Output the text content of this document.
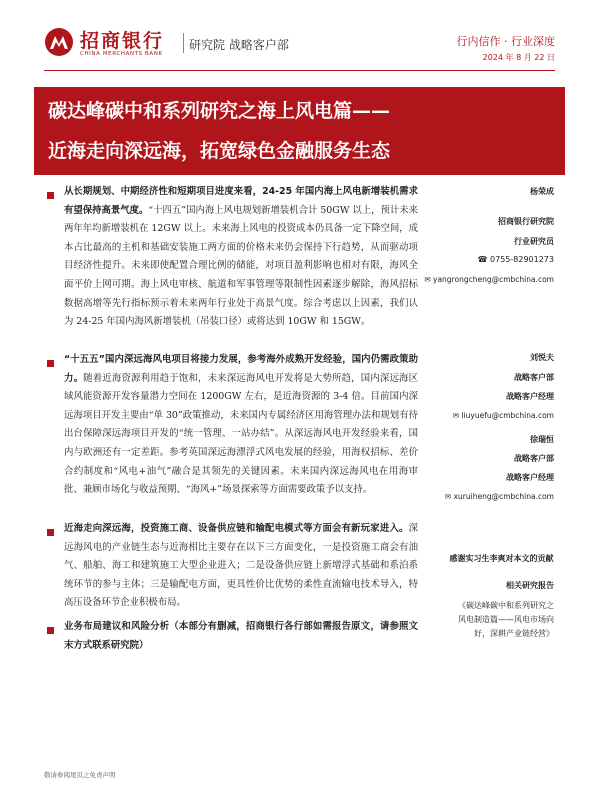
招商银行
CHINA MERCHANTS BANK
研究院 战略客户部	行内信作 · 行业深度
2024 年 8 月 22 日
碳达峰碳中和系列研究之海上风电篇——
近海走向深远海，拓宽绿色金融服务生态
从长期规划、中期经济性和短期项目进度来看，24-25 年国内海上风电新增装机需求有望保持高景气度。“十四五”国内海上风电规划新增装机合计 50GW 以上，预计未来两年年均新增装机在 12GW 以上。未来海上风电的投资成本仍具备一定下降空间，成本占比最高的主机和基础安装施工两方面的价格未来仍会保持下行趋势，从而驱动项目经济性提升。未来即使配置合理比例的储能，对项目盈利影响也相对有限，海风全面平价上网可期。海上风电审核、航道和军事管理等限制性因素逐步解除，海风招标数据高增等先行指标预示着未来两年行业处于高景气度。综合考虑以上因素，我们认为 24-25 年国内海风新增装机（吊装口径）或将达到 10GW 和 15GW。
“十五五”国内深远海风电项目将接力发展，参考海外成熟开发经验，国内仍需政策助力。随着近海资源利用趋于饱和，未来深远海风电开发将是大势所趋，国内深远海区域风能资源开发容量潜力空间在 1200GW 左右，是近海资源的 3-4 倍。目前国内深远海项目开发主要由“单 30”政策推动，未来国内专属经济区用海管理办法和规划有待出台保障深远海项目开发的“统一管理、一站办结”。从深远海风电开发经验来看，国内与欧洲还有一定差距。参考英国深远海漂浮式风电发展的经验，用海权招标、差价合约制度和“风电+油气”融合是其领先的关键因素。未来国内深远海风电在用海审批、兼顾市场化与收益预期、“海风+”场景探索等方面需要政策予以支持。
近海走向深远海，投资施工商、设备供应链和输配电模式等方面会有新玩家进入。深远海风电的产业链生态与近海相比主要存在以下三方面变化，一是投资施工商会有油气、船舶、海工和建筑施工大型企业进入；二是设备供应链上新增浮式基础和系泊系统环节的参与主体；三是输配电方面，更具性价比优势的柔性直流输电技术导入，特高压设备环节企业积极布局。
业务布局建议和风险分析（本部分有删减，招商银行各行部如需报告原文，请参照文末方式联系研究院）
杨荣成
招商银行研究院
行业研究员
☎ 0755-82901273
✉ yangrongcheng@cmbchina.com
刘悦夫
战略客户部
战略客户经理
✉ liuyuefu@cmbchina.com
徐瑞恒
战略客户部
战略客户经理
✉ xuruiheng@cmbchina.com
感谢实习生李爽对本文的贡献
相关研究报告
《碳达峰碳中和系列研究之
风电制造篇——风电市场向
好，深耕产业链经营》
敬请参阅尾页之免责声明
